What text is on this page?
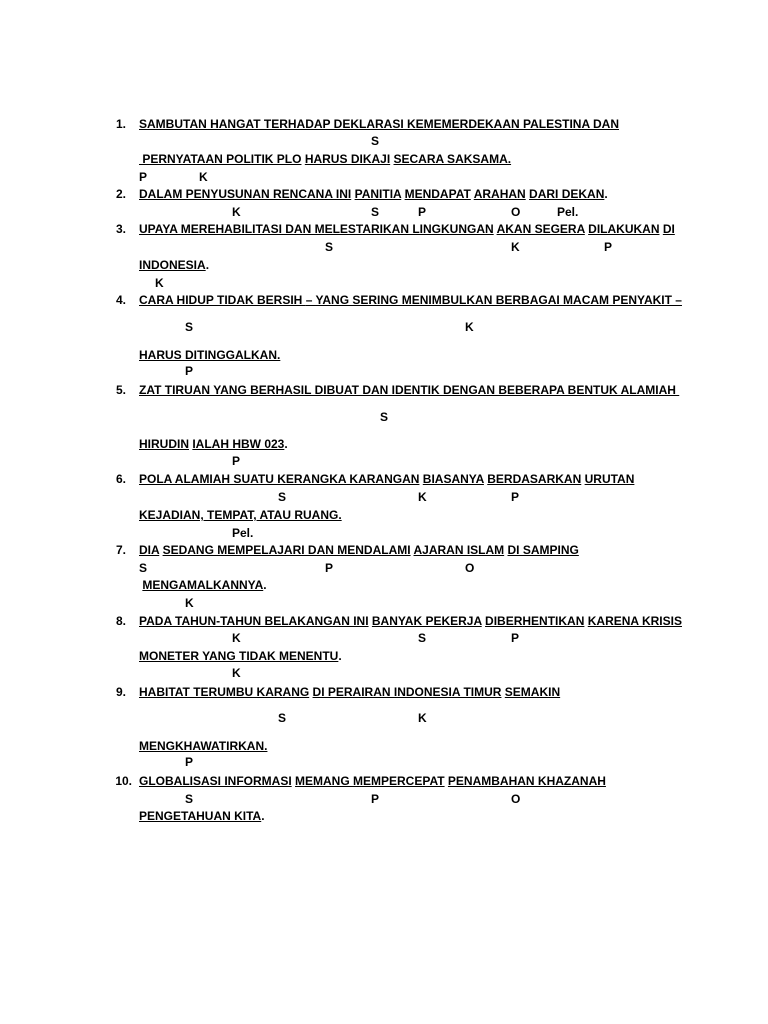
1. SAMBUTAN HANGAT TERHADAP DEKLARASI KEMEMERDEKAAN PALESTINA DAN
S
PERNYATAAN POLITIK PLO HARUS DIKAJI SECARA SAKSAMA.
P	K
2. DALAM PENYUSUNAN RENCANA INI PANITIA MENDAPAT ARAHAN DARI DEKAN.
K	S	P	O	Pel.
3. UPAYA MEREHABILITASI DAN MELESTARIKAN LINGKUNGAN AKAN SEGERA DILAKUKAN DI
S	K	P
INDONESIA.
K
4. CARA HIDUP TIDAK BERSIH – YANG SERING MENIMBULKAN BERBAGAI MACAM PENYAKIT –
S	K
HARUS DITINGGALKAN.
P
5. ZAT TIRUAN YANG BERHASIL DIBUAT DAN IDENTIK DENGAN BEBERAPA BENTUK ALAMIAH
S
HIRUDIN IALAH HBW 023.
P
6. POLA ALAMIAH SUATU KERANGKA KARANGAN BIASANYA BERDASARKAN URUTAN
S	K	P
KEJADIAN, TEMPAT, ATAU RUANG.
Pel.
7. DIA SEDANG MEMPELAJARI DAN MENDALAMI AJARAN ISLAM DI SAMPING
S	P	O
MENGAMALKANNYA.
K
8. PADA TAHUN-TAHUN BELAKANGAN INI BANYAK PEKERJA DIBERHENTIKAN KARENA KRISIS
K	S	P
MONETER YANG TIDAK MENENTU.
K
9. HABITAT TERUMBU KARANG DI PERAIRAN INDONESIA TIMUR SEMAKIN
S	K
MENGKHAWATIRKAN.
P
10. GLOBALISASI INFORMASI MEMANG MEMPERCEPAT PENAMBAHAN KHAZANAH
S	P	O
PENGETAHUAN KITA.
